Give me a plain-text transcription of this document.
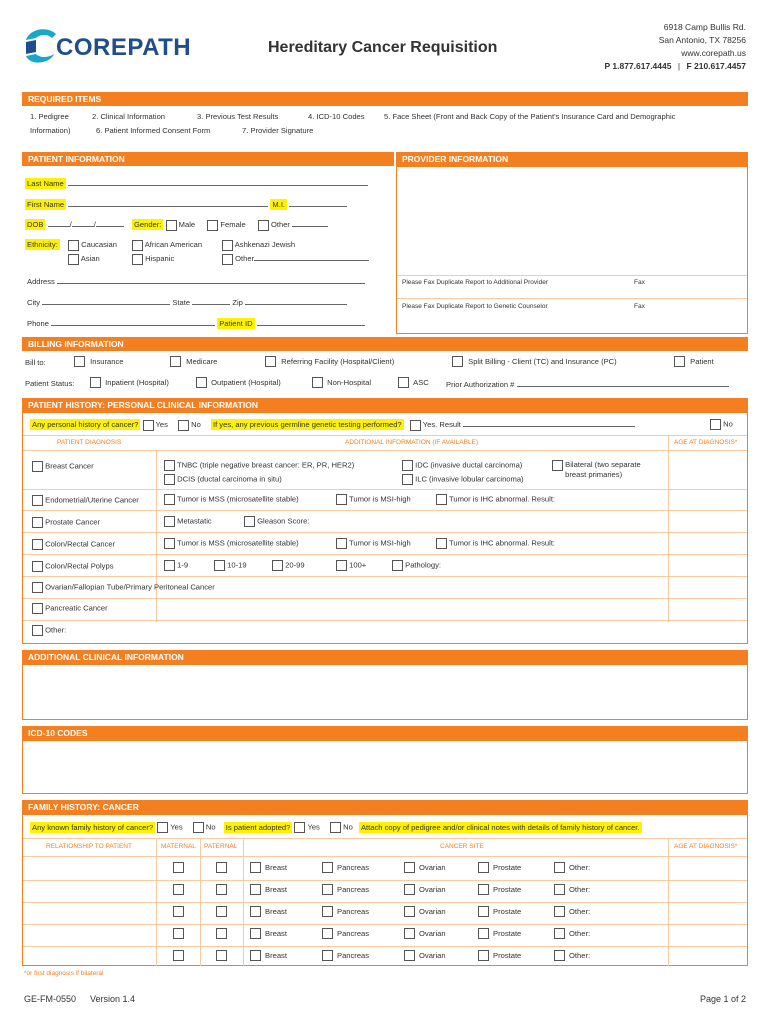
COREPATH	Hereditary Cancer Requisition
6918 Camp Bullis Rd.
San Antonio, TX 78256
www.corepath.us
P 1.877.617.4445 | F 210.617.4457
REQUIRED ITEMS
1. Pedigree	2. Clinical Information	3. Previous Test Results	4. ICD-10 Codes	5. Face Sheet (Front and Back Copy of the Patient's Insurance Card and Demographic
Information)	6. Patient Informed Consent Form	7. Provider Signature
PATIENT INFORMATION	PROVIDER INFORMATION
Last Name
First Name	M.I.
DOB	/	/	Gender: Male	Female	Other
Ethnicity:	Caucasian
Asian
African American
Hispanic
Ashkenazi Jewish
Other
Address
City	State	Zip
Phone	Patient ID
Please Fax Duplicate Report to Additional Provider	Fax
Please Fax Duplicate Report to Genetic Counselor	Fax
BILLING INFORMATION
Bill to:	Insurance	Medicare	Referring Facility (Hospital/Client)	Split Billing - Client (TC) and Insurance (PC)	Patient
Patient Status:	Inpatient (Hospital)	Outpatient (Hospital)	Non-Hospital	ASC Prior Authorization #
PATIENT HISTORY: PERSONAL CLINICAL INFORMATION
Any personal history of cancer? Yes	No If yes, any previous germline genetic testing performed?	Yes. Result	No
PATIENT DIAGNOSIS	ADDITIONAL INFORMATION (IF AVAILABLE)	AGE AT DIAGNOSIS*
Breast Cancer	TNBC (triple negative breast cancer: ER, PR, HER2)
DCIS (ductal carcinoma in situ)
IDC (invasive ductal carcinoma)
ILC (invasive lobular carcinoma)
Bilateral (two separate
breast primaries)
Endometrial/Uterine Cancer	Tumor is MSS (microsatellite stable)	Tumor is MSI-high	Tumor is IHC abnormal. Result:
Prostate Cancer	Metastatic	Gleason Score:
Colon/Rectal Cancer	Tumor is MSS (microsatellite stable)	Tumor is MSI-high	Tumor is IHC abnormal. Result:
Colon/Rectal Polyps	1-9	10-19	20-99	100+	Pathology:
Ovarian/Fallopian Tube/Primary Peritoneal Cancer
Pancreatic Cancer
Other:
ADDITIONAL CLINICAL INFORMATION
ICD-10 CODES
FAMILY HISTORY: CANCER
Any known family history of cancer? Yes	No Is patient adopted? Yes	No Attach copy of pedigree and/or clinical notes with details of family history of cancer.
RELATIONSHIP TO PATIENT	MATERNAL PATERNAL	CANCER SITE	AGE AT DIAGNOSIS*
Breast	Pancreas	Ovarian	Prostate	Other:
Breast	Pancreas	Ovarian	Prostate	Other:
Breast	Pancreas	Ovarian	Prostate	Other:
Breast	Pancreas	Ovarian	Prostate	Other:
Breast	Pancreas	Ovarian	Prostate	Other:
*or first diagnosis if bilateral
GE-FM-0550 Version 1.4	Page 1 of 2
